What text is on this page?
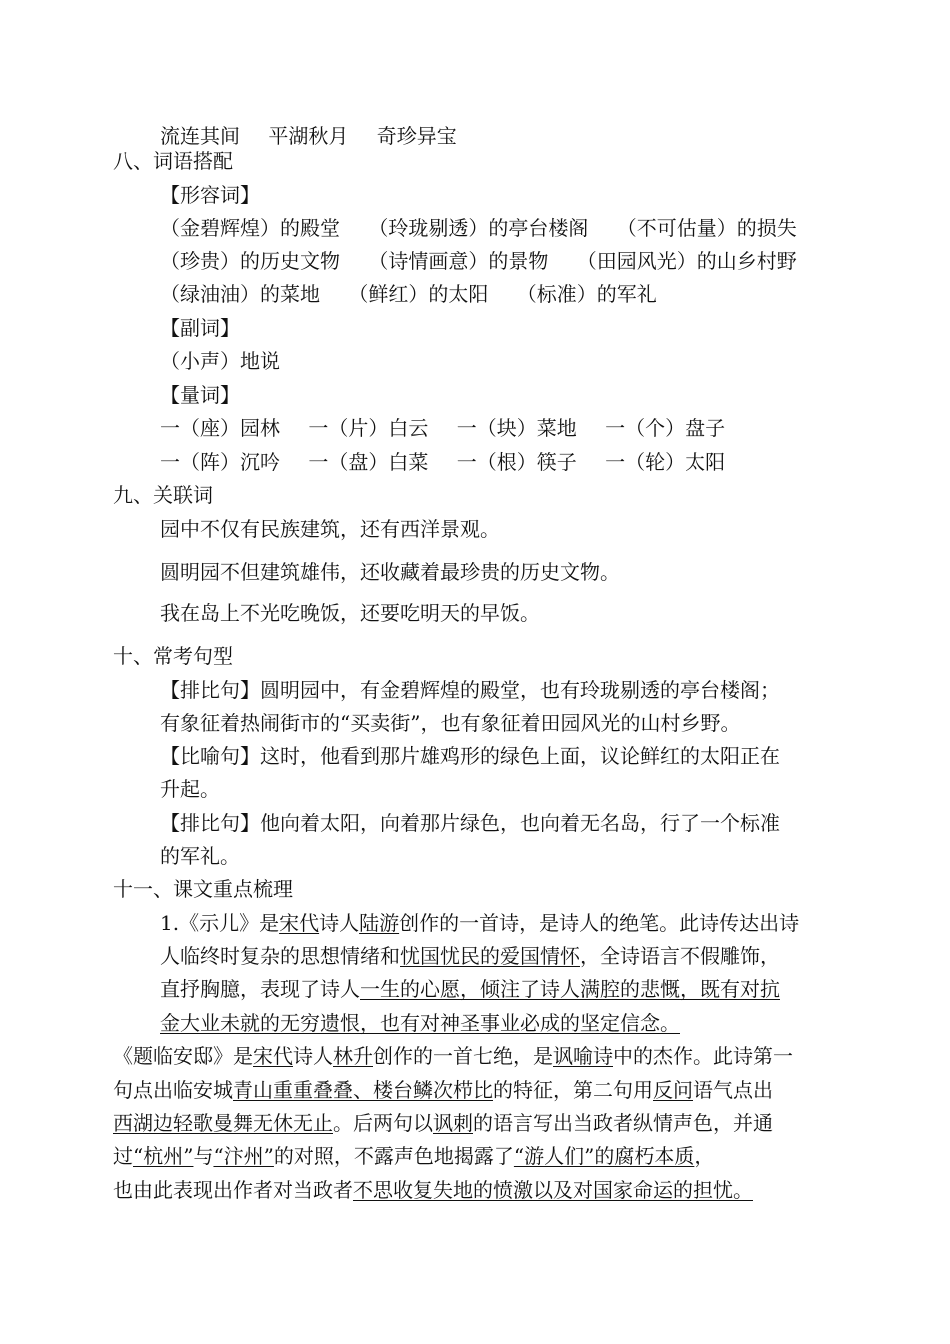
流连其间 平湖秋月 奇珍异宝
八、词语搭配
【形容词】
（金碧辉煌）的殿堂 （玲珑剔透）的亭台楼阁 （不可估量）的损失
（珍贵）的历史文物 （诗情画意）的景物 （田园风光）的山乡村野
（绿油油）的菜地 （鲜红）的太阳 （标准）的军礼
【副词】
（小声）地说
【量词】
一（座）园林 一（片）白云 一（块）菜地 一（个）盘子
一（阵）沉吟 一（盘）白菜 一（根）筷子 一（轮）太阳
九、关联词
园中不仅有民族建筑，还有西洋景观。
圆明园不但建筑雄伟，还收藏着最珍贵的历史文物。
我在岛上不光吃晚饭，还要吃明天的早饭。
十、常考句型
【排比句】圆明园中，有金碧辉煌的殿堂，也有玲珑剔透的亭台楼阁；
有象征着热闹街市的“买卖街”，也有象征着田园风光的山村乡野。
【比喻句】这时，他看到那片雄鸡形的绿色上面，议论鲜红的太阳正在
升起。
【排比句】他向着太阳，向着那片绿色，也向着无名岛，行了一个标准
的军礼。
十一、课文重点梳理
1.《示儿》是宋代诗人陆游创作的一首诗，是诗人的绝笔。此诗传达出诗
人临终时复杂的思想情绪和忧国忧民的爱国情怀，全诗语言不假雕饰，
直抒胸臆，表现了诗人一生的心愿，倾注了诗人满腔的悲慨，既有对抗
金大业未就的无穷遗恨，也有对神圣事业必成的坚定信念。
《题临安邸》是宋代诗人林升创作的一首七绝，是讽喻诗中的杰作。此诗第一
句点出临安城青山重重叠叠、楼台鳞次栉比的特征，第二句用反问语气点出
西湖边轻歌曼舞无休无止。后两句以讽刺的语言写出当政者纵情声色，并通
过“杭州”与“汴州”的对照，不露声色地揭露了“游人们”的腐朽本质，
也由此表现出作者对当政者不思收复失地的愤激以及对国家命运的担忧。
